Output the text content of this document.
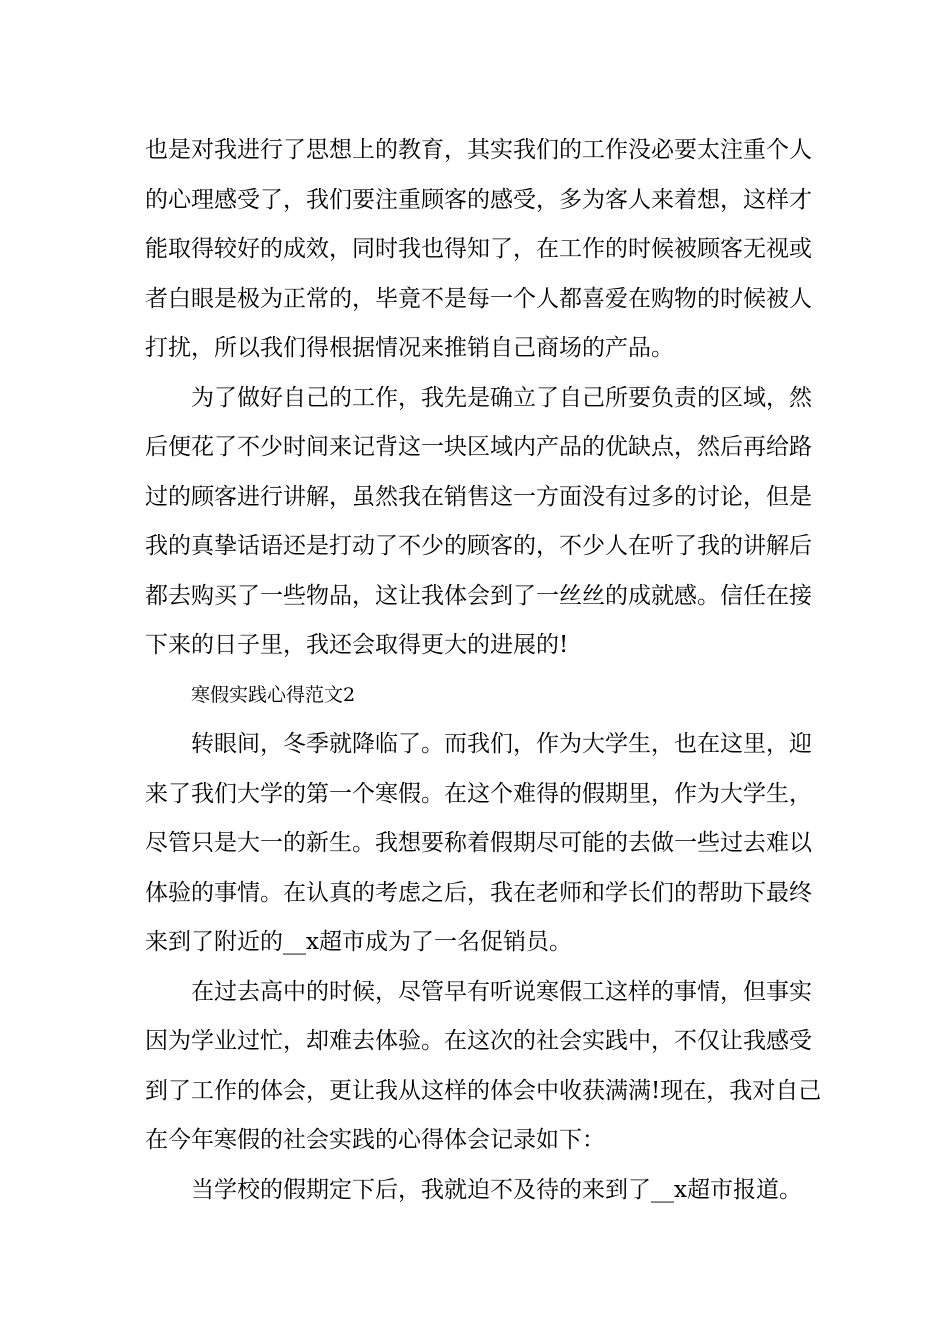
也是对我进行了思想上的教育，其实我们的工作没必要太注重个人
的心理感受了，我们要注重顾客的感受，多为客人来着想，这样才
能取得较好的成效，同时我也得知了，在工作的时候被顾客无视或
者白眼是极为正常的，毕竟不是每一个人都喜爱在购物的时候被人
打扰，所以我们得根据情况来推销自己商场的产品。
为了做好自己的工作，我先是确立了自己所要负责的区域，然
后便花了不少时间来记背这一块区域内产品的优缺点，然后再给路
过的顾客进行讲解，虽然我在销售这一方面没有过多的讨论，但是
我的真挚话语还是打动了不少的顾客的，不少人在听了我的讲解后
都去购买了一些物品，这让我体会到了一丝丝的成就感。信任在接
下来的日子里，我还会取得更大的进展的!
寒假实践心得范文2
转眼间，冬季就降临了。而我们，作为大学生，也在这里，迎
来了我们大学的第一个寒假。在这个难得的假期里，作为大学生，
尽管只是大一的新生。我想要称着假期尽可能的去做一些过去难以
体验的事情。在认真的考虑之后，我在老师和学长们的帮助下最终
来到了附近的__x超市成为了一名促销员。
在过去高中的时候，尽管早有听说寒假工这样的事情，但事实
因为学业过忙，却难去体验。在这次的社会实践中，不仅让我感受
到了工作的体会，更让我从这样的体会中收获满满!现在，我对自己
在今年寒假的社会实践的心得体会记录如下：
当学校的假期定下后，我就迫不及待的来到了__x超市报道。
